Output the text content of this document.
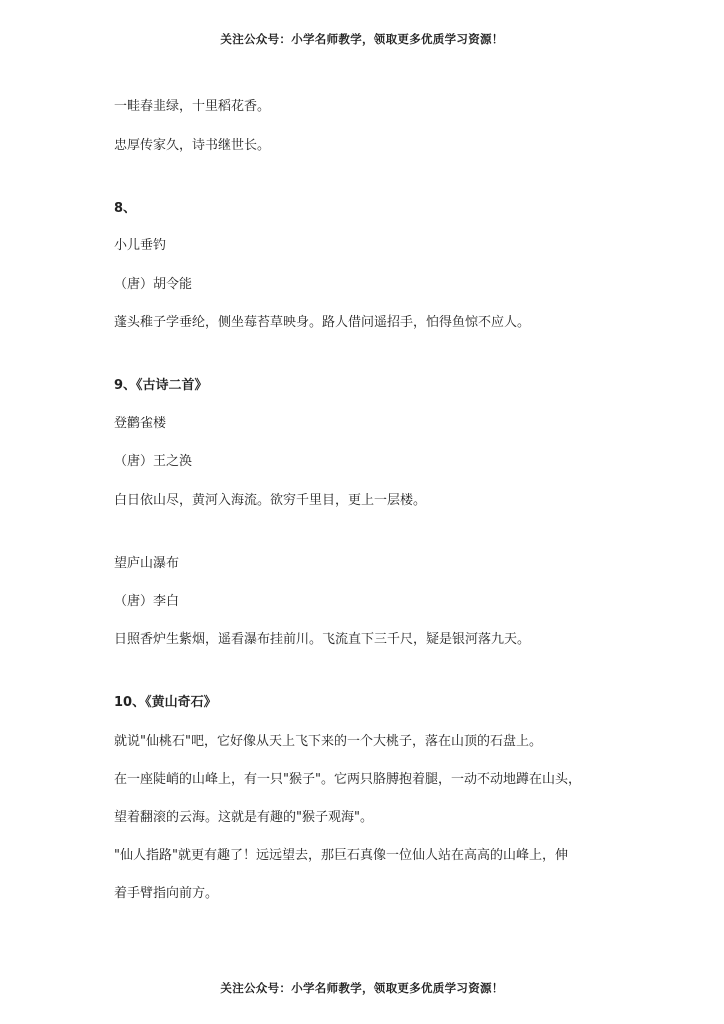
关注公众号：小学名师教学，领取更多优质学习资源！
一畦春韭绿，十里稻花香。
忠厚传家久，诗书继世长。
8、
小儿垂钓
（唐）胡令能
蓬头稚子学垂纶，侧坐莓苔草映身。路人借问遥招手，怕得鱼惊不应人。
9、《古诗二首》
登鹳雀楼
（唐）王之涣
白日依山尽，黄河入海流。欲穷千里目，更上一层楼。
望庐山瀑布
（唐）李白
日照香炉生紫烟，遥看瀑布挂前川。飞流直下三千尺，疑是银河落九天。
10、《黄山奇石》
就说"仙桃石"吧，它好像从天上飞下来的一个大桃子，落在山顶的石盘上。
在一座陡峭的山峰上，有一只"猴子"。它两只胳膊抱着腿，一动不动地蹲在山头，
望着翻滚的云海。这就是有趣的"猴子观海"。
"仙人指路"就更有趣了！远远望去，那巨石真像一位仙人站在高高的山峰上，伸
着手臂指向前方。
关注公众号：小学名师教学，领取更多优质学习资源！
